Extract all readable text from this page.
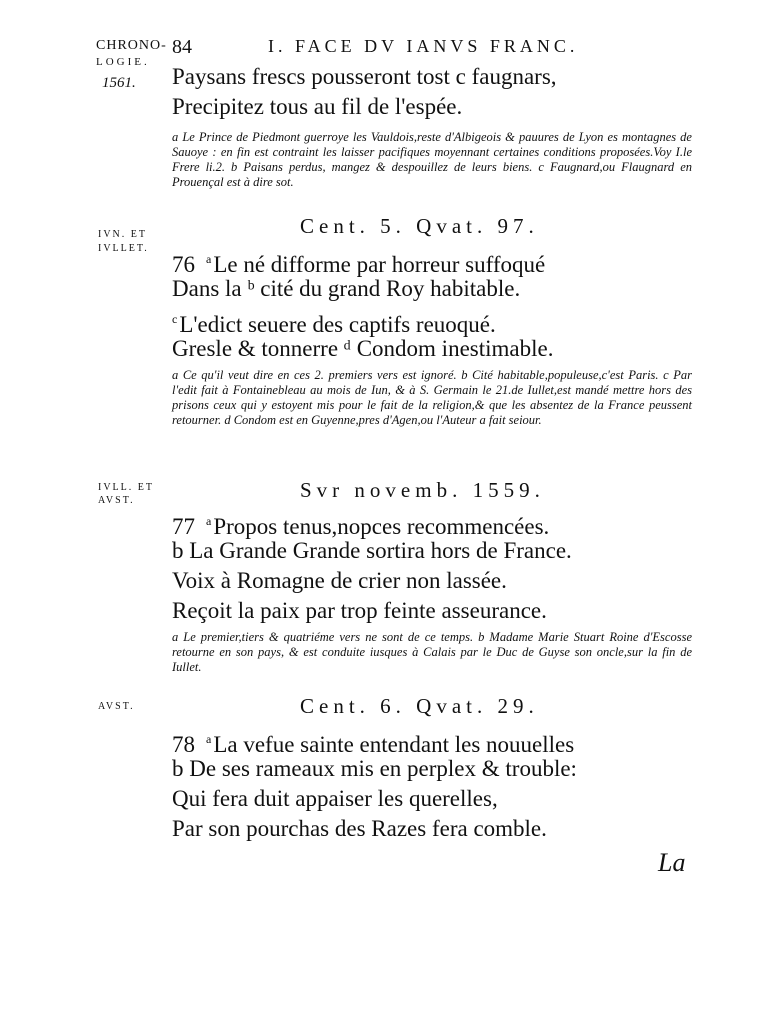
CHRONO-
LOGIE.
1561.
84	I. FACE DV IANVS FRANC.
Paysans frescs pousseront tost c faugnars,
Precipitez tous au fil de l'espée.
a Le Prince de Piedmont guerroye les Vauldois,reste d'Albigeois & pauures de Lyon es montagnes de Sauoye : en fin est contraint les laisser pacifiques moyennant certaines conditions proposées.Voy I.le Frere li.2. b Paisans perdus, mangez & despouillez de leurs biens. c Faugnard,ou Flaugnard en Prouençal est à dire sot.
IVN. ET
IVLLET.
Cent. 5. Qvat. 97.
76 $^a$Le né difforme par horreur suffoqué
Dans la ᵇ cité du grand Roy habitable.
$^c$L'edict seuere des captifs reuoqué.
Gresle & tonnerre ᵈ Condom inestimable.
a Ce qu'il veut dire en ces 2. premiers vers est ignoré. b Cité habitable,populeuse,c'est Paris. c Par l'edit fait à Fontainebleau au mois de Iun, & à S. Germain le 21.de Iullet,est mandé mettre hors des prisons ceux qui y estoyent mis pour le fait de la religion,& que les absentez de la France peussent retourner. d Condom est en Guyenne,pres d'Agen,ou l'Auteur a fait seiour.
IVLL. ET
AVST.	Svr novemb. 1559.
77 $^a$Propos tenus,nopces recommencées.
b La Grande Grande sortira hors de France.
Voix à Romagne de crier non lassée.
Reçoit la paix par trop feinte asseurance.
a Le premier,tiers & quatriéme vers ne sont de ce temps. b Madame Marie Stuart Roine d'Escosse retourne en son pays, & est conduite iusques à Calais par le Duc de Guyse son oncle,sur la fin de Iullet.
AVST.	Cent. 6. Qvat. 29.
78 $^a$La vefue sainte entendant les nouuelles
b De ses rameaux mis en perplex & trouble:
Qui fera duit appaiser les querelles,
Par son pourchas des Razes fera comble.
La
